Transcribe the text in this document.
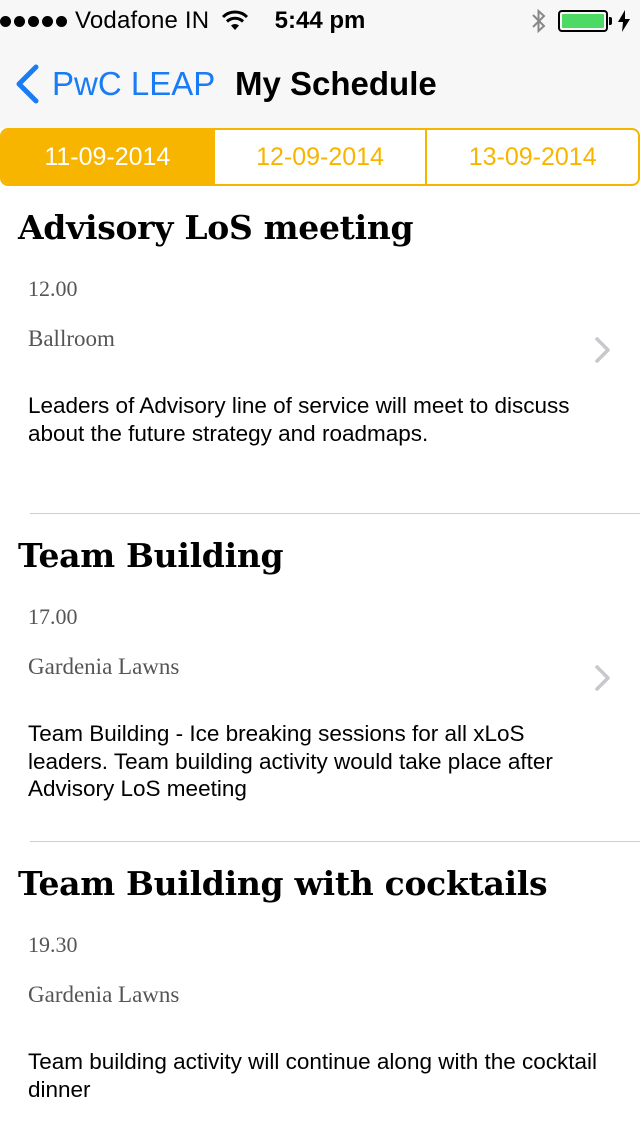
Vodafone IN	5:44 pm
PwC LEAP My Schedule
11-09-2014	12-09-2014	13-09-2014
Advisory LoS meeting
12.00
Ballroom
Leaders of Advisory line of service will meet to discuss about the future strategy and roadmaps.
Team Building
17.00
Gardenia Lawns
Team Building - Ice breaking sessions for all xLoS leaders. Team building activity would take place after Advisory LoS meeting
Team Building with cocktails
19.30
Gardenia Lawns
Team building activity will continue along with the cocktail dinner
